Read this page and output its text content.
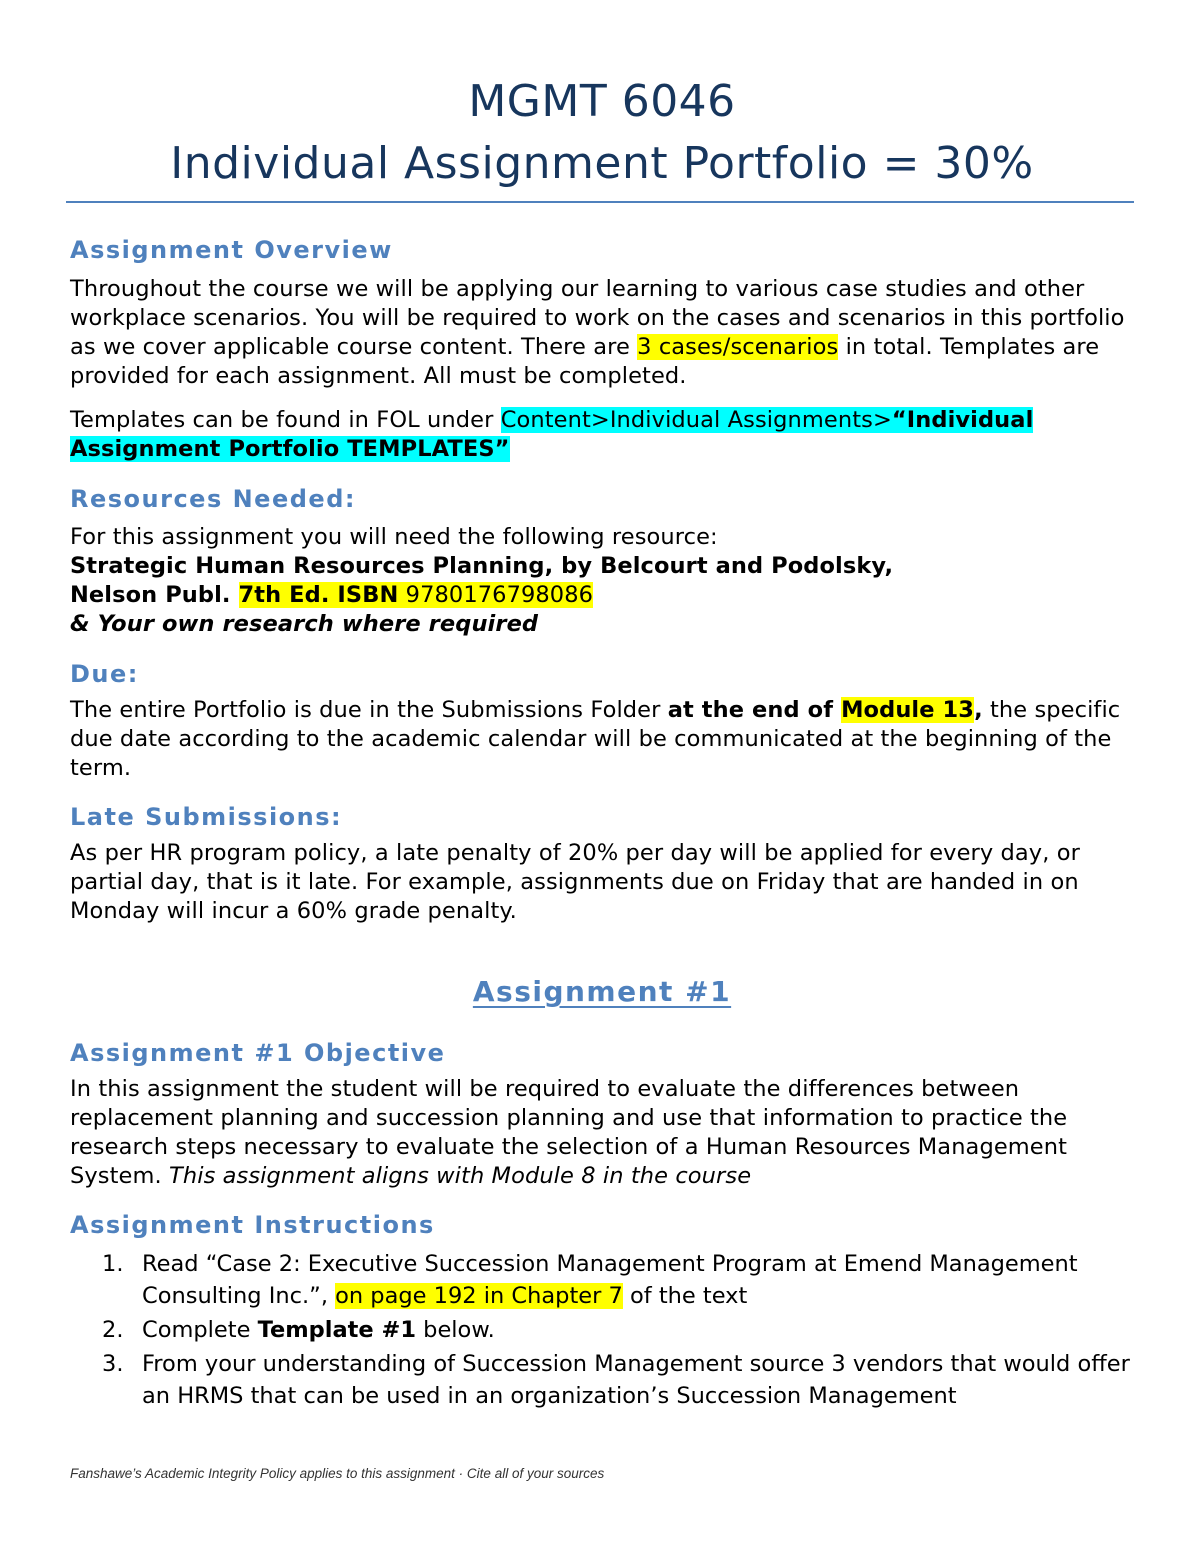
MGMT 6046
Individual Assignment Portfolio = 30%
Assignment Overview

Throughout the course we will be applying our learning to various case studies and other workplace scenarios. You will be required to work on the cases and scenarios in this portfolio as we cover applicable course content. There are 3 cases/scenarios in total. Templates are provided for each assignment. All must be completed.

Templates can be found in FOL under Content>Individual Assignments>“Individual Assignment Portfolio TEMPLATES”

Resources Needed:

For this assignment you will need the following resource:

Strategic Human Resources Planning, by Belcourt and Podolsky,

Nelson Publ. 7th Ed. ISBN 9780176798086

& Your own research where required

Due:

The entire Portfolio is due in the Submissions Folder at the end of Module 13, the specific due date according to the academic calendar will be communicated at the beginning of the term.

Late Submissions:

As per HR program policy, a late penalty of 20% per day will be applied for every day, or partial day, that is it late. For example, assignments due on Friday that are handed in on Monday will incur a 60% grade penalty.

Assignment #1
Assignment #1 Objective

In this assignment the student will be required to evaluate the differences between replacement planning and succession planning and use that information to practice the research steps necessary to evaluate the selection of a Human Resources Management System. This assignment aligns with Module 8 in the course

Assignment Instructions
1. Read “Case 2: Executive Succession Management Program at Emend Management Consulting Inc.”, on page 192 in Chapter 7 of the text
2. Complete Template #1 below.
3. From your understanding of Succession Management source 3 vendors that would offer an HRMS that can be used in an organization’s Succession Management
Fanshawe’s Academic Integrity Policy applies to this assignment · Cite all of your sources
